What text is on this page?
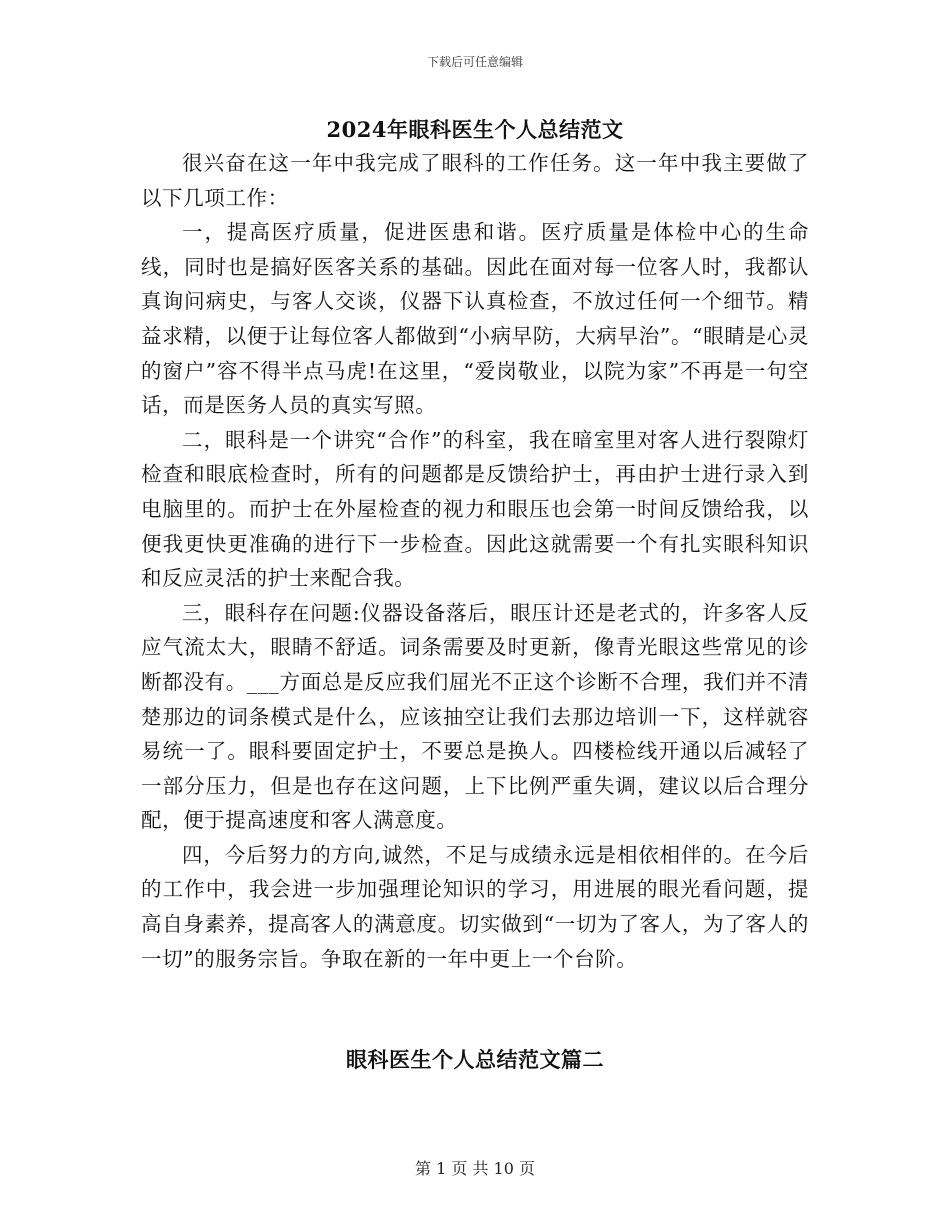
下载后可任意编辑
2024年眼科医生个人总结范文

很兴奋在这一年中我完成了眼科的工作任务。这一年中我主要做了以下几项工作：

一，提高医疗质量，促进医患和谐。医疗质量是体检中心的生命线，同时也是搞好医客关系的基础。因此在面对每一位客人时，我都认真询问病史，与客人交谈，仪器下认真检查，不放过任何一个细节。精益求精，以便于让每位客人都做到“小病早防，大病早治”。“眼睛是心灵的窗户”容不得半点马虎!在这里，“爱岗敬业，以院为家”不再是一句空话，而是医务人员的真实写照。

二，眼科是一个讲究“合作”的科室，我在暗室里对客人进行裂隙灯检查和眼底检查时，所有的问题都是反馈给护士，再由护士进行录入到电脑里的。而护士在外屋检查的视力和眼压也会第一时间反馈给我，以便我更快更准确的进行下一步检查。因此这就需要一个有扎实眼科知识和反应灵活的护士来配合我。

三，眼科存在问题:仪器设备落后，眼压计还是老式的，许多客人反应气流太大，眼睛不舒适。词条需要及时更新，像青光眼这些常见的诊断都没有。___方面总是反应我们屈光不正这个诊断不合理，我们并不清楚那边的词条模式是什么，应该抽空让我们去那边培训一下，这样就容易统一了。眼科要固定护士，不要总是换人。四楼检线开通以后减轻了一部分压力，但是也存在这问题，上下比例严重失调，建议以后合理分配，便于提高速度和客人满意度。

四，今后努力的方向,诚然，不足与成绩永远是相依相伴的。在今后的工作中，我会进一步加强理论知识的学习，用进展的眼光看问题，提高自身素养，提高客人的满意度。切实做到“一切为了客人，为了客人的一切”的服务宗旨。争取在新的一年中更上一个台阶。

眼科医生个人总结范文篇二
第 1 页 共 10 页
